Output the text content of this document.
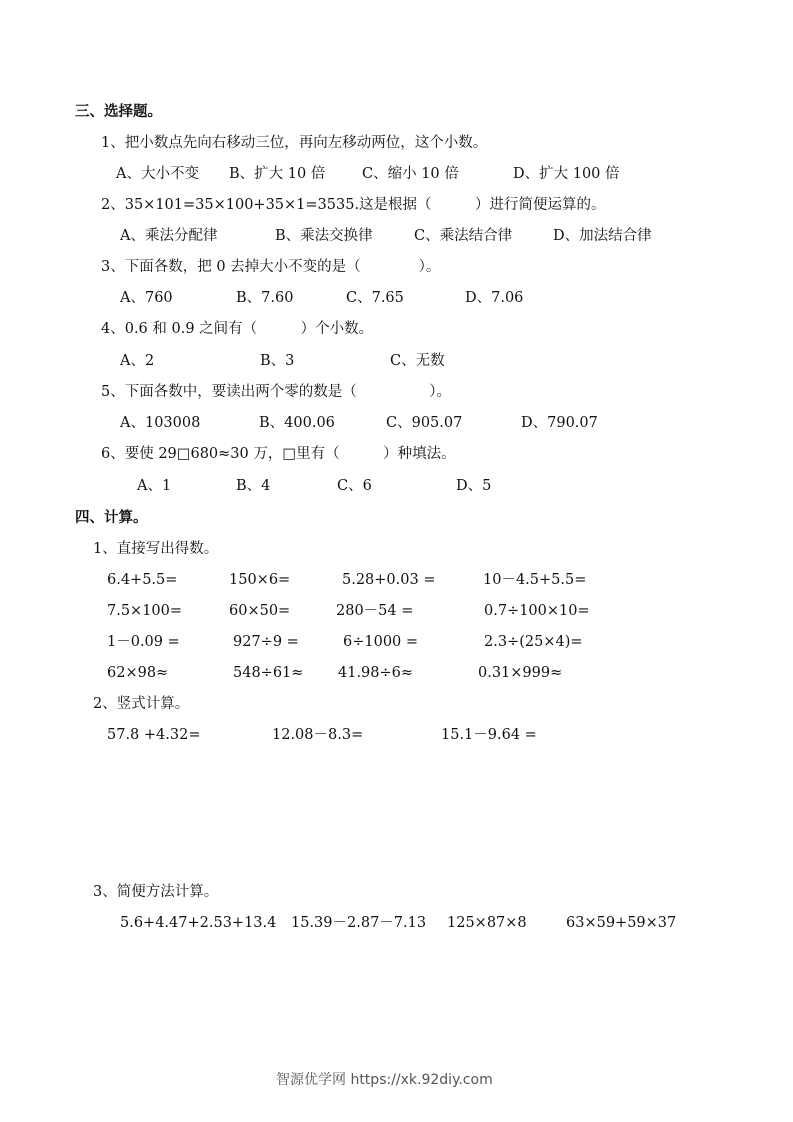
三、选择题。
1、把小数点先向右移动三位，再向左移动两位，这个小数。
A、大小不变 B、扩大 10 倍	C、缩小 10 倍	D、扩大 100 倍
2、35×101=35×100+35×1=3535.这是根据（　　　）进行简便运算的。
A、乘法分配律	B、乘法交换律	C、乘法结合律	D、加法结合律
3、下面各数，把 0 去掉大小不变的是（　　　　）。
A、760	B、7.60	C、7.65	D、7.06
4、0.6 和 0.9 之间有（　　　）个小数。
A、2	B、3	C、无数
5、下面各数中，要读出两个零的数是（　　　　　）。
A、103008	B、400.06	C、905.07	D、790.07
6、要使 29□680≈30 万，□里有（　　　）种填法。
A、1	B、4	C、6	D、5
四、计算。
1、直接写出得数。
6.4+5.5=	150×6=	5.28+0.03 =	10－4.5+5.5=
7.5×100=	60×50=	280－54 =	0.7÷100×10=
1－0.09 =	927÷9 =	6÷1000 =	2.3÷(25×4)=
62×98≈	548÷61≈ 41.98÷6≈	0.31×999≈
2、竖式计算。
57.8 +4.32=	12.08－8.3=	15.1－9.64 =
3、简便方法计算。
5.6+4.47+2.53+13.4 15.39－2.87－7.13 125×87×8	63×59+59×37
智源优学网 https://xk.92diy.com
